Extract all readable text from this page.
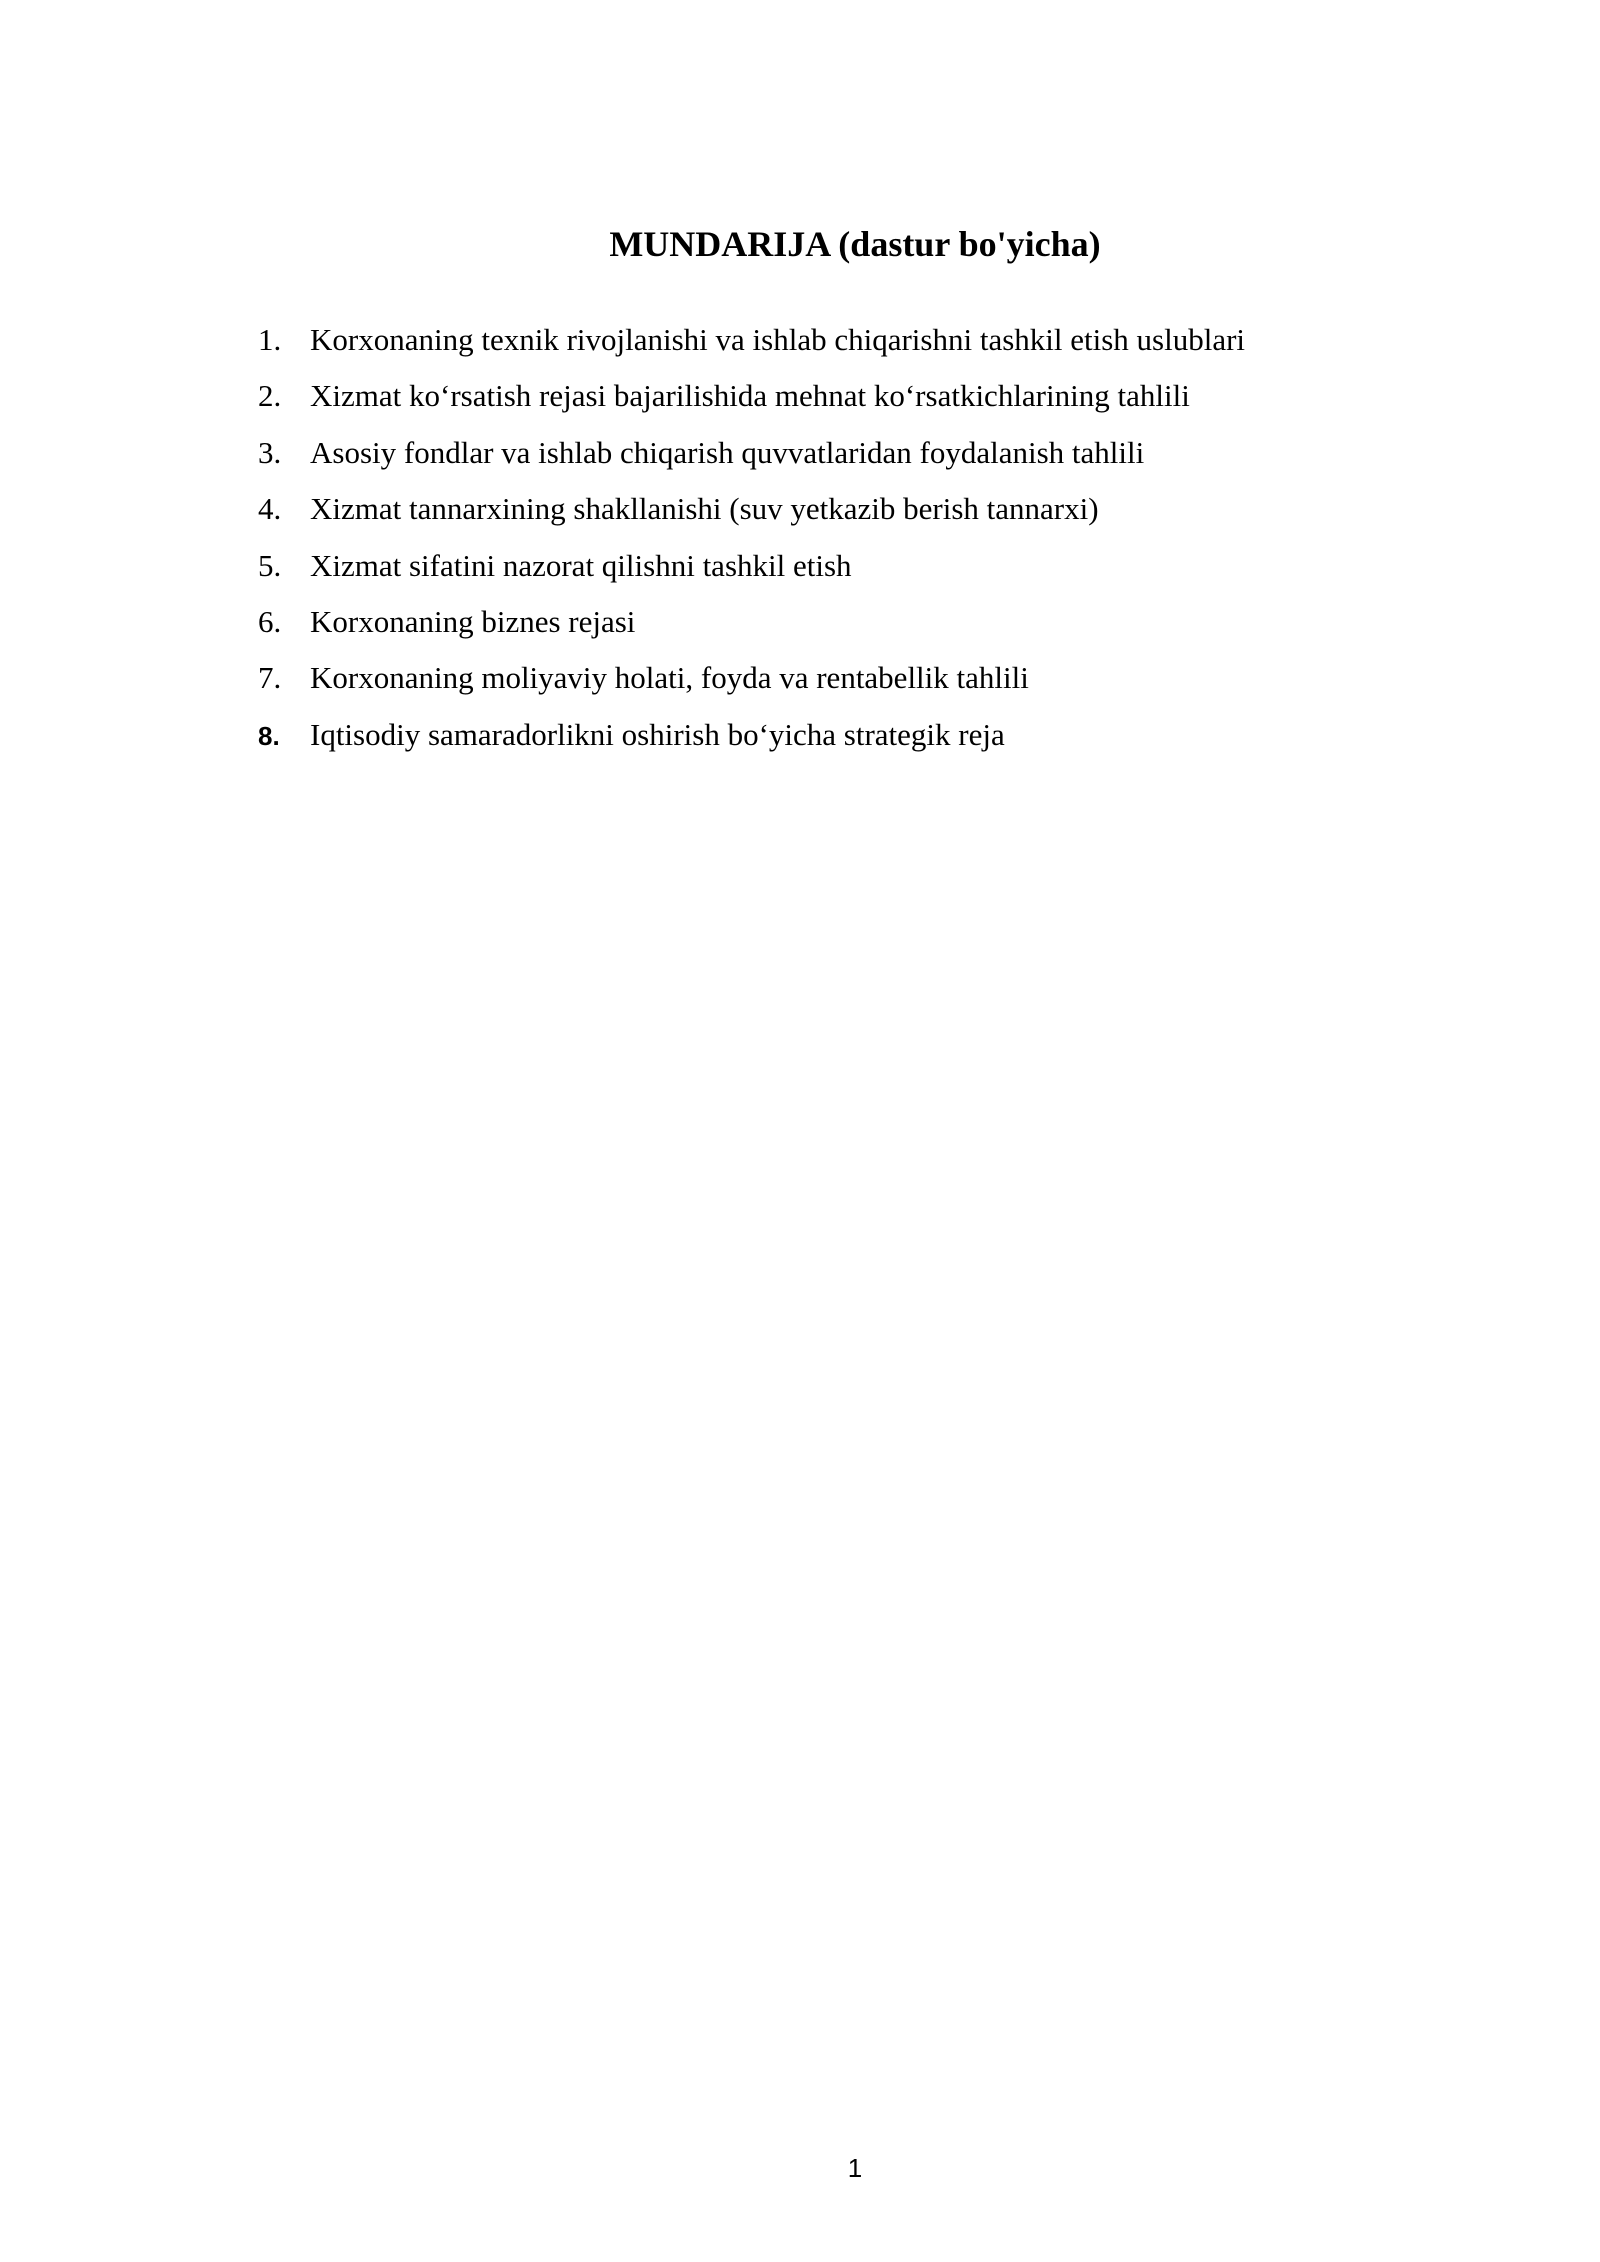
MUNDARIJA (dastur bo'yicha)
1. Korxonaning texnik rivojlanishi va ishlab chiqarishni tashkil etish uslublari
2. Xizmat koʻrsatish rejasi bajarilishida mehnat koʻrsatkichlarining tahlili
3. Asosiy fondlar va ishlab chiqarish quvvatlaridan foydalanish tahlili
4. Xizmat tannarxining shakllanishi (suv yetkazib berish tannarxi)
5. Xizmat sifatini nazorat qilishni tashkil etish
6. Korxonaning biznes rejasi
7. Korxonaning moliyaviy holati, foyda va rentabellik tahlili
8. Iqtisodiy samaradorlikni oshirish boʻyicha strategik reja
1
